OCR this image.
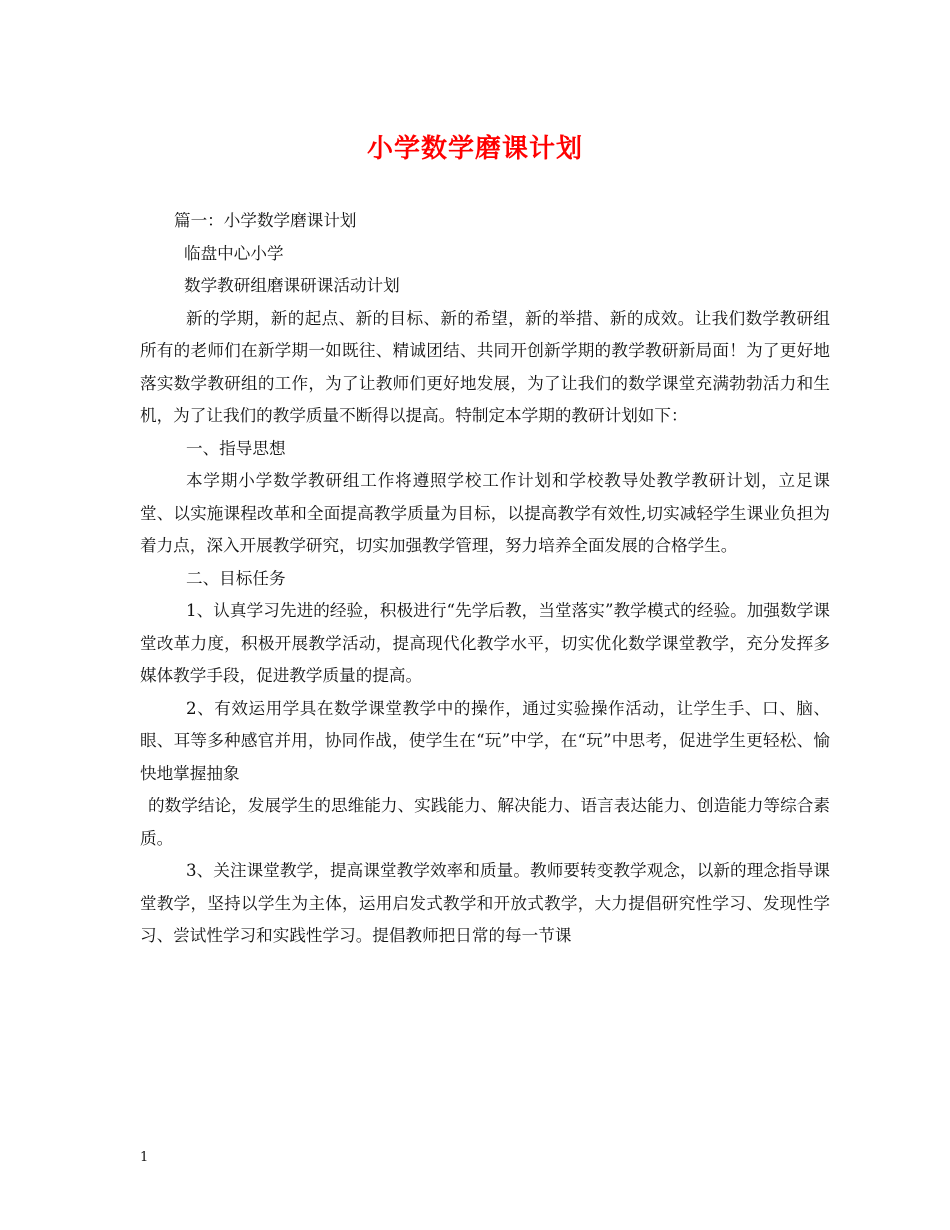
小学数学磨课计划

篇一：小学数学磨课计划

临盘中心小学

数学教研组磨课研课活动计划

新的学期，新的起点、新的目标、新的希望，新的举措、新的成效。让我们数学教研组所有的老师们在新学期一如既往、精诚团结、共同开创新学期的教学教研新局面！为了更好地落实数学教研组的工作，为了让教师们更好地发展，为了让我们的数学课堂充满勃勃活力和生机，为了让我们的教学质量不断得以提高。特制定本学期的教研计划如下：

一、指导思想

本学期小学数学教研组工作将遵照学校工作计划和学校教导处教学教研计划，立足课堂、以实施课程改革和全面提高教学质量为目标，以提高教学有效性,切实减轻学生课业负担为着力点，深入开展教学研究，切实加强教学管理，努力培养全面发展的合格学生。

二、目标任务

1、认真学习先进的经验，积极进行“先学后教，当堂落实”教学模式的经验。加强数学课堂改革力度，积极开展教学活动，提高现代化教学水平，切实优化数学课堂教学，充分发挥多媒体教学手段，促进教学质量的提高。

2、有效运用学具在数学课堂教学中的操作，通过实验操作活动，让学生手、口、脑、眼、耳等多种感官并用，协同作战，使学生在“玩”中学，在“玩”中思考，促进学生更轻松、愉快地掌握抽象

的数学结论，发展学生的思维能力、实践能力、解决能力、语言表达能力、创造能力等综合素质。

3、关注课堂教学，提高课堂教学效率和质量。教师要转变教学观念，以新的理念指导课堂教学，坚持以学生为主体，运用启发式教学和开放式教学，大力提倡研究性学习、发现性学习、尝试性学习和实践性学习。提倡教师把日常的每一节课

1
